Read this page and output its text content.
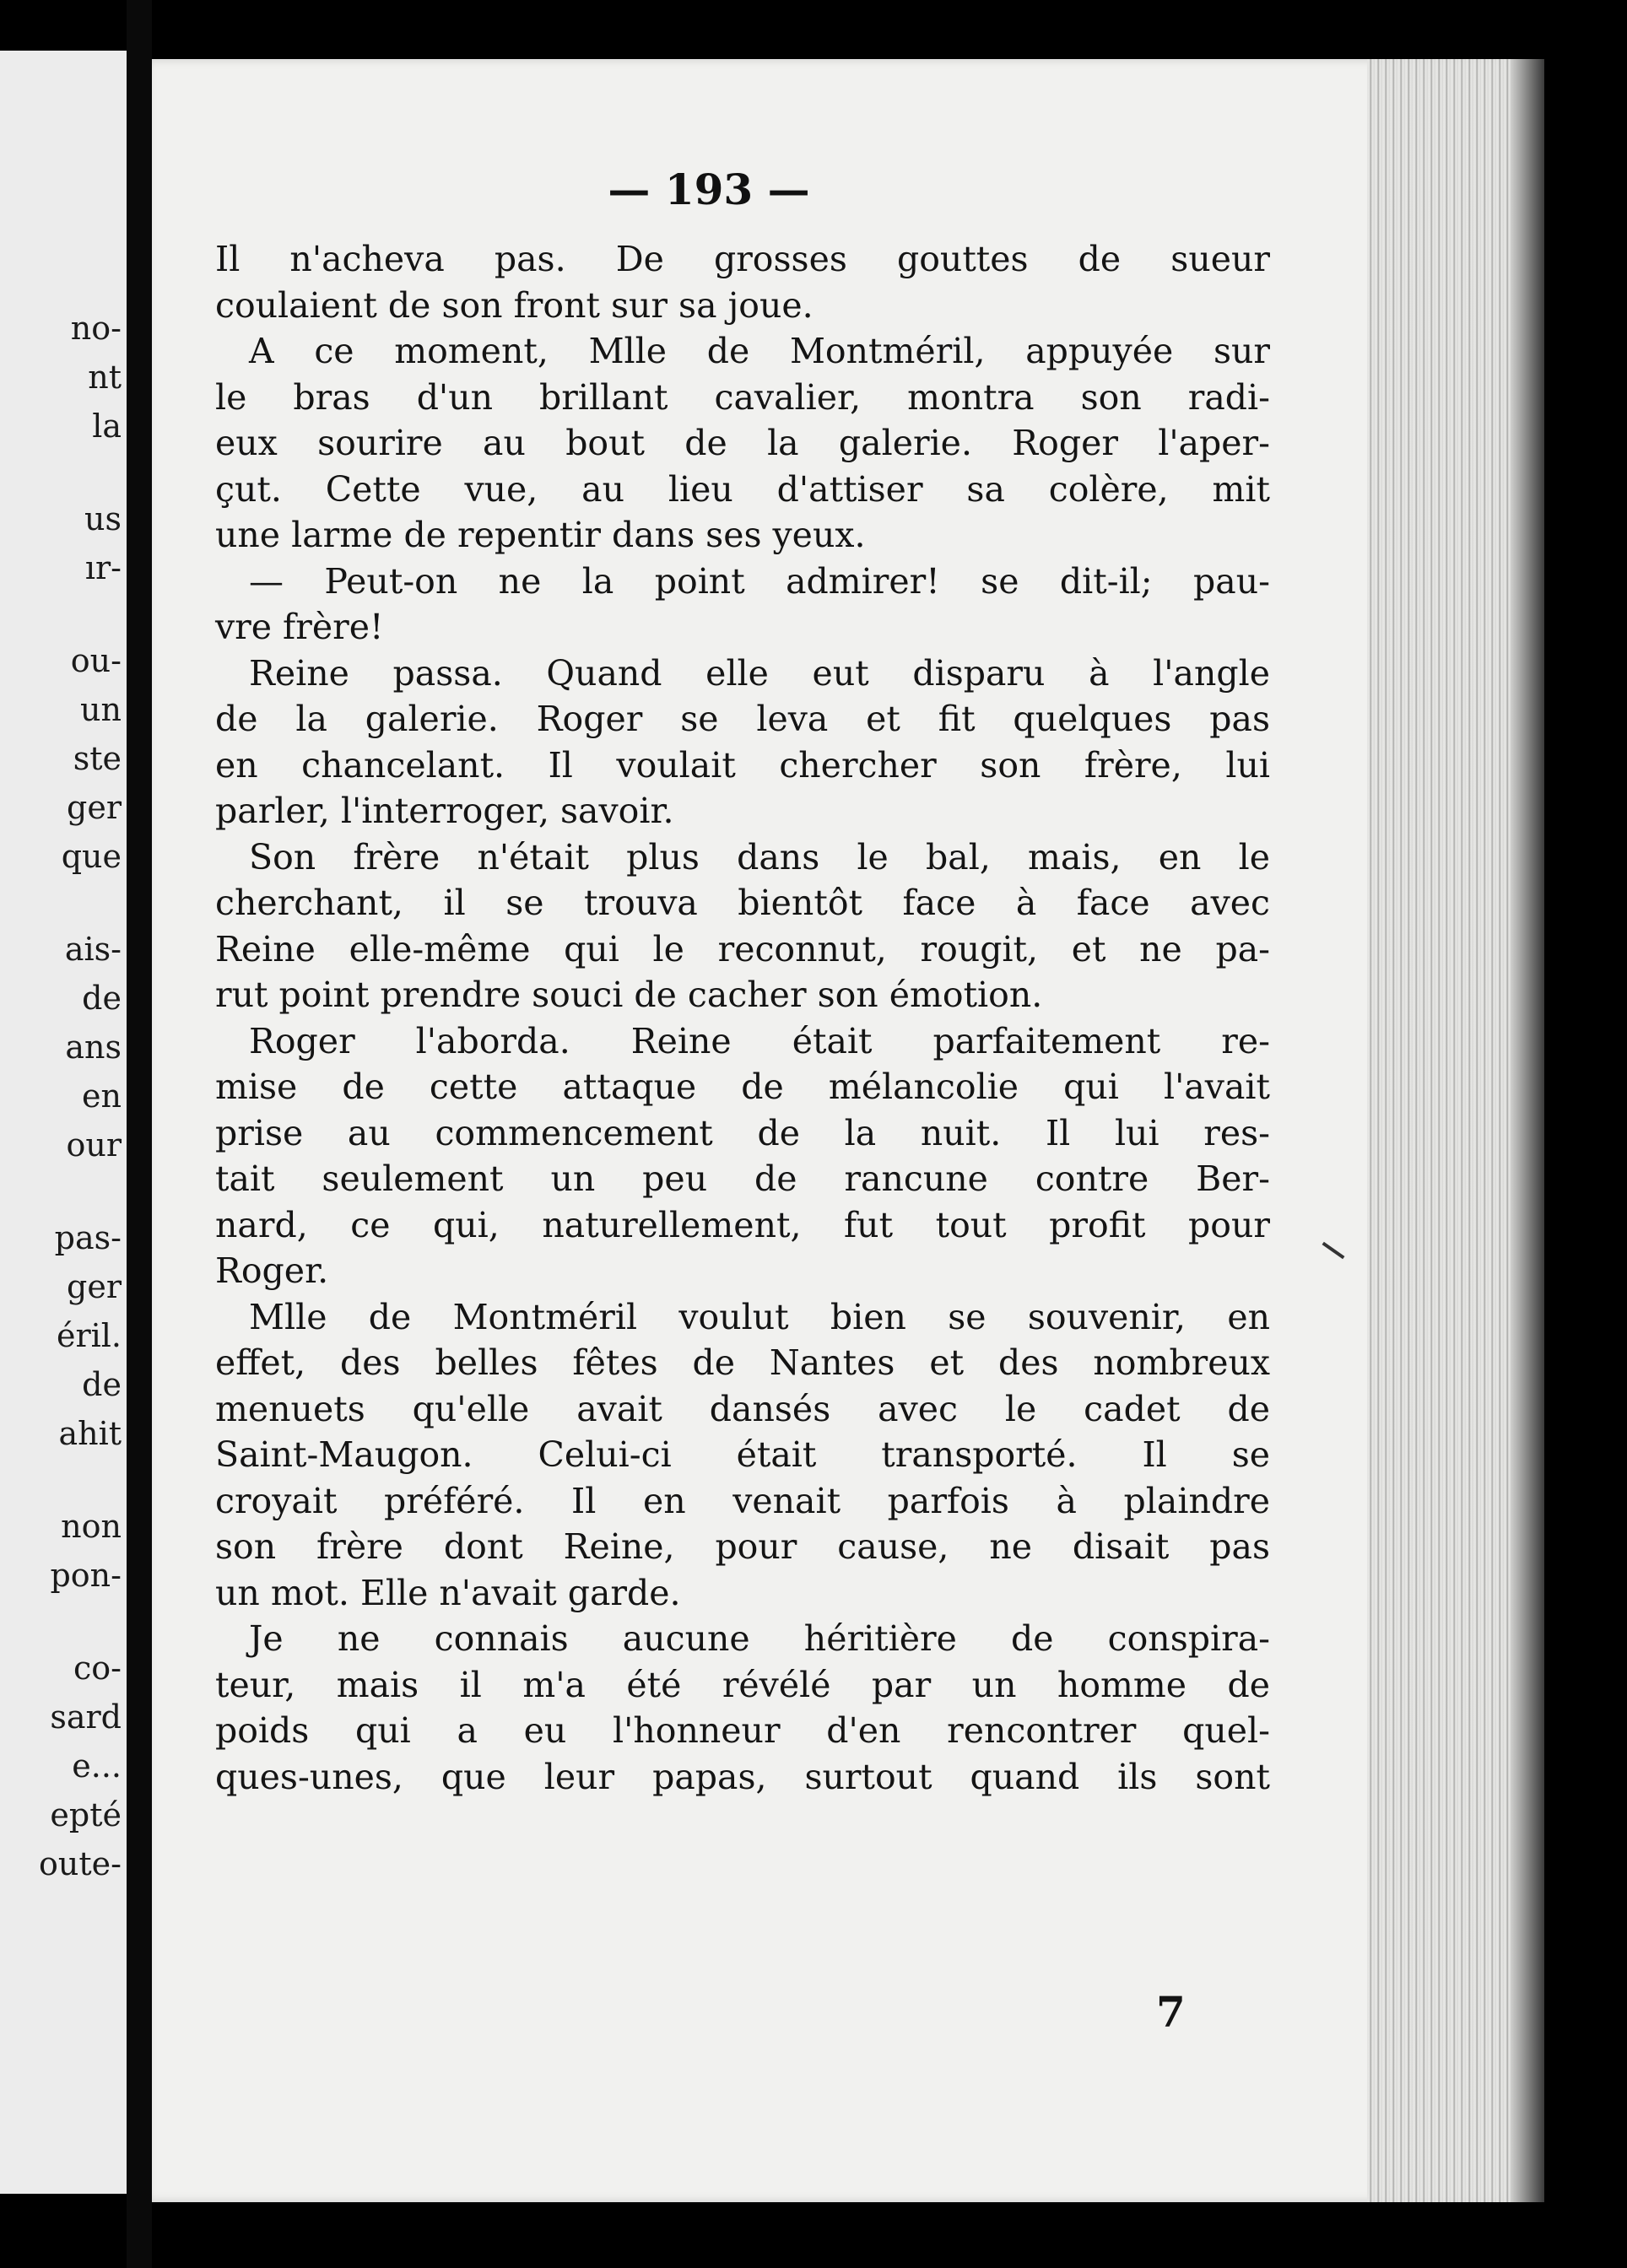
no-
nt
la
us
ır-
ou-
un
ste
ger
que
ais-
de
ans
en
our
pas-
ger
éril.
de
ahit
non
pon-
co-
sard
e...
epté
oute-
— 193 —
Il n'acheva pas. De grosses gouttes de sueur
coulaient de son front sur sa joue.
A ce moment, Mlle de Montméril, appuyée sur
le bras d'un brillant cavalier, montra son radi-
eux sourire au bout de la galerie. Roger l'aper-
çut. Cette vue, au lieu d'attiser sa colère, mit
une larme de repentir dans ses yeux.
— Peut-on ne la point admirer! se dit-il; pau-
vre frère!
Reine passa. Quand elle eut disparu à l'angle
de la galerie. Roger se leva et fit quelques pas
en chancelant. Il voulait chercher son frère, lui
parler, l'interroger, savoir.
Son frère n'était plus dans le bal, mais, en le
cherchant, il se trouva bientôt face à face avec
Reine elle-même qui le reconnut, rougit, et ne pa-
rut point prendre souci de cacher son émotion.
Roger l'aborda. Reine était parfaitement re-
mise de cette attaque de mélancolie qui l'avait
prise au commencement de la nuit. Il lui res-
tait seulement un peu de rancune contre Ber-
nard, ce qui, naturellement, fut tout profit pour
Roger.
Mlle de Montméril voulut bien se souvenir, en
effet, des belles fêtes de Nantes et des nombreux
menuets qu'elle avait dansés avec le cadet de
Saint-Maugon. Celui-ci était transporté. Il se
croyait préféré. Il en venait parfois à plaindre
son frère dont Reine, pour cause, ne disait pas
un mot. Elle n'avait garde.
Je ne connais aucune héritière de conspira-
teur, mais il m'a été révélé par un homme de
poids qui a eu l'honneur d'en rencontrer quel-
ques-unes, que leur papas, surtout quand ils sont
7
